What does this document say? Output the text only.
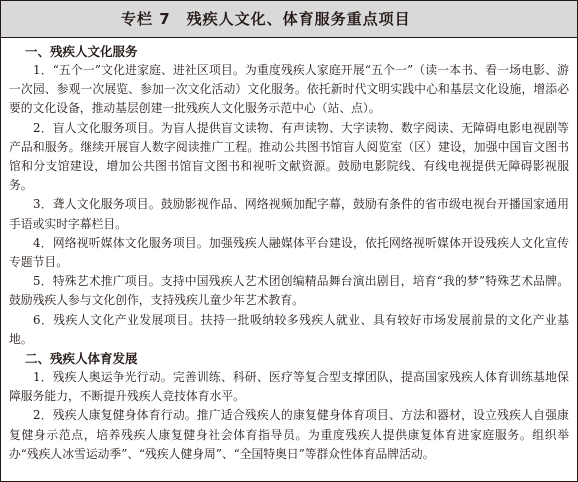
专栏 7 残疾人文化、体育服务重点项目
一、残疾人文化服务

1．“五个一”文化进家庭、进社区项目。为重度残疾人家庭开展“五个一”（读一本书、看一场电影、游一次园、参观一次展览、参加一次文化活动）文化服务。依托新时代文明实践中心和基层文化设施，增添必要的文化设备，推动基层创建一批残疾人文化服务示范中心（站、点）。

2．盲人文化服务项目。为盲人提供盲文读物、有声读物、大字读物、数字阅读、无障碍电影电视剧等产品和服务。继续开展盲人数字阅读推广工程。推动公共图书馆盲人阅览室（区）建设，加强中国盲文图书馆和分支馆建设，增加公共图书馆盲文图书和视听文献资源。鼓励电影院线、有线电视提供无障碍影视服务。

3．聋人文化服务项目。鼓励影视作品、网络视频加配字幕，鼓励有条件的省市级电视台开播国家通用手语或实时字幕栏目。

4．网络视听媒体文化服务项目。加强残疾人融媒体平台建设，依托网络视听媒体开设残疾人文化宣传专题节目。

5．特殊艺术推广项目。支持中国残疾人艺术团创编精品舞台演出剧目，培育“我的梦”特殊艺术品牌。鼓励残疾人参与文化创作，支持残疾儿童少年艺术教育。

6．残疾人文化产业发展项目。扶持一批吸纳较多残疾人就业、具有较好市场发展前景的文化产业基地。

二、残疾人体育发展

1．残疾人奥运争光行动。完善训练、科研、医疗等复合型支撑团队，提高国家残疾人体育训练基地保障服务能力，不断提升残疾人竞技体育水平。

2．残疾人康复健身体育行动。推广适合残疾人的康复健身体育项目、方法和器材，设立残疾人自强康复健身示范点，培养残疾人康复健身社会体育指导员。为重度残疾人提供康复体育进家庭服务。组织举办“残疾人冰雪运动季”、“残疾人健身周”、“全国特奥日”等群众性体育品牌活动。
